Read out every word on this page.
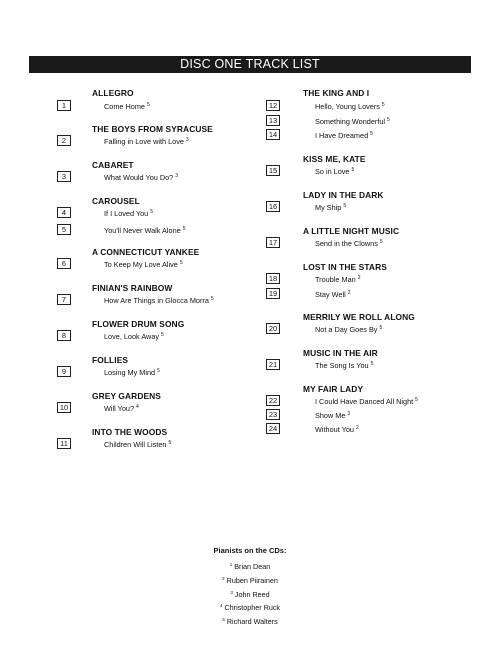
DISC ONE TRACK LIST
ALLEGRO
1	Come Home $^5$
THE BOYS FROM SYRACUSE
2	Falling in Love with Love $^3$
CABARET
3	What Would You Do? $^3$
CAROUSEL
4	If I Loved You $^5$
5	You'll Never Walk Alone $^5$
A CONNECTICUT YANKEE
6	To Keep My Love Alive $^5$
FINIAN'S RAINBOW
7	How Are Things in Glocca Morra $^5$
FLOWER DRUM SONG
8	Love, Look Away $^5$
FOLLIES
9	Losing My Mind $^5$
GREY GARDENS
10	Will You? $^4$
INTO THE WOODS
11	Children Will Listen $^5$
THE KING AND I
12	Hello, Young Lovers $^5$
13	Something Wonderful $^5$
14	I Have Dreamed $^5$
KISS ME, KATE
15	So in Love $^5$
LADY IN THE DARK
16	My Ship $^5$
A LITTLE NIGHT MUSIC
17	Send in the Clowns $^5$
LOST IN THE STARS
18	Trouble Man $^2$
19	Stay Well $^2$
MERRILY WE ROLL ALONG
20	Not a Day Goes By $^5$
MUSIC IN THE AIR
21	The Song Is You $^5$
MY FAIR LADY
22	I Could Have Danced All Night $^5$
23	Show Me $^3$
24	Without You $^2$
Pianists on the CDs:
$^1$ Brian Dean
$^2$ Ruben Piirainen
$^3$ John Reed
$^4$ Christopher Ruck
$^5$ Richard Walters
